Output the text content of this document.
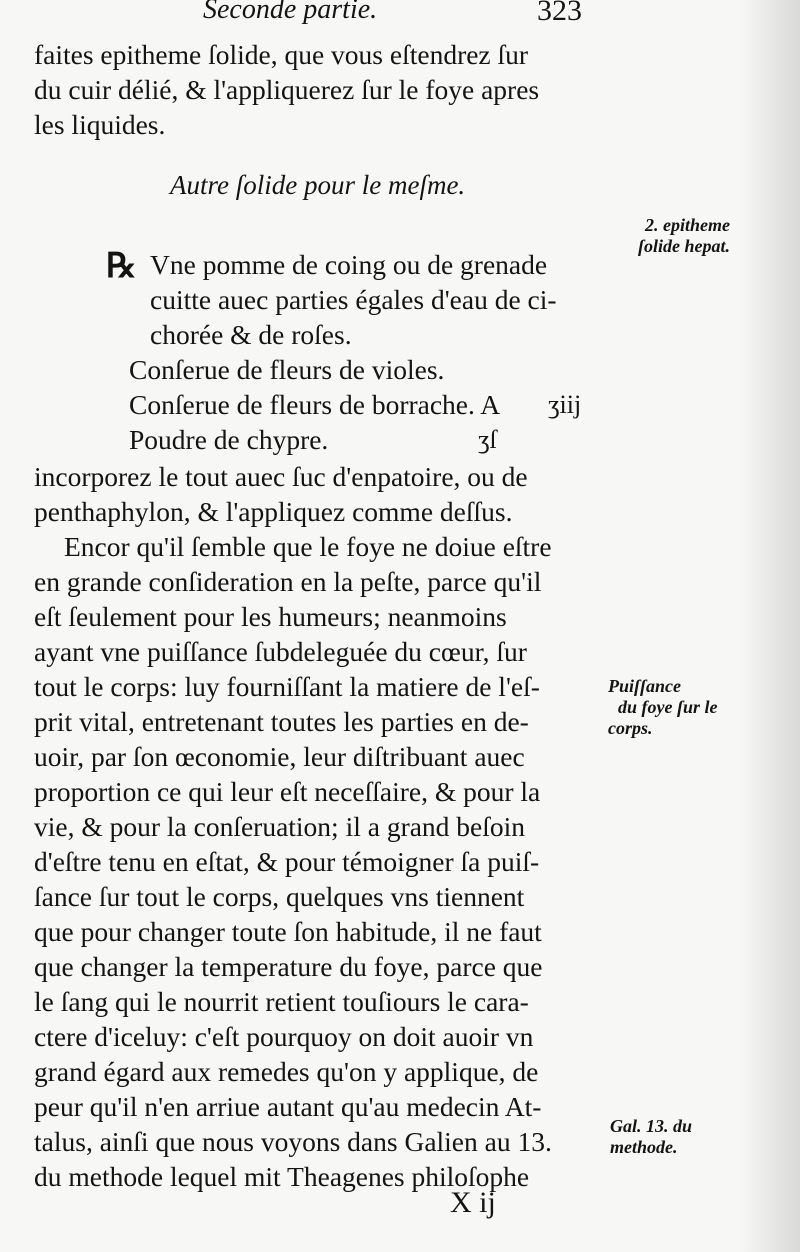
Seconde partie.	323
faites epitheme ſolide, que vous eſtendrez ſur
du cuir délié, & l'appliquerez ſur le foye apres
les liquides.
Autre ſolide pour le meſme.
2. epitheme
ſolide hepat.
℞ Vne pomme de coing ou de grenade
cuitte auec parties égales d'eau de ci-
chorée & de roſes.
Conſerue de fleurs de violes.
Conſerue de fleurs de borrache. A ʒiij
Poudre de chypre.	ʒſ
incorporez le tout auec ſuc d'enpatoire, ou de
penthaphylon, & l'appliquez comme deſſus.
Encor qu'il ſemble que le foye ne doiue eſtre
en grande conſideration en la peſte, parce qu'il
eſt ſeulement pour les humeurs; neanmoins
ayant vne puiſſance ſubdeleguée du cœur, ſur
tout le corps: luy fourniſſant la matiere de l'eſ-
prit vital, entretenant toutes les parties en de-
uoir, par ſon œconomie, leur diſtribuant auec
proportion ce qui leur eſt neceſſaire, & pour la
vie, & pour la conſeruation; il a grand beſoin
d'eſtre tenu en eſtat, & pour témoigner ſa puiſ-
ſance ſur tout le corps, quelques vns tiennent
que pour changer toute ſon habitude, il ne faut
que changer la temperature du foye, parce que
le ſang qui le nourrit retient touſiours le cara-
ctere d'iceluy: c'eſt pourquoy on doit auoir vn
grand égard aux remedes qu'on y applique, de
peur qu'il n'en arriue autant qu'au medecin At-
talus, ainſi que nous voyons dans Galien au 13.
du methode lequel mit Theagenes philoſophe
Puiſſance
du foye ſur le
corps.
Gal. 13. du
methode.
X ij
